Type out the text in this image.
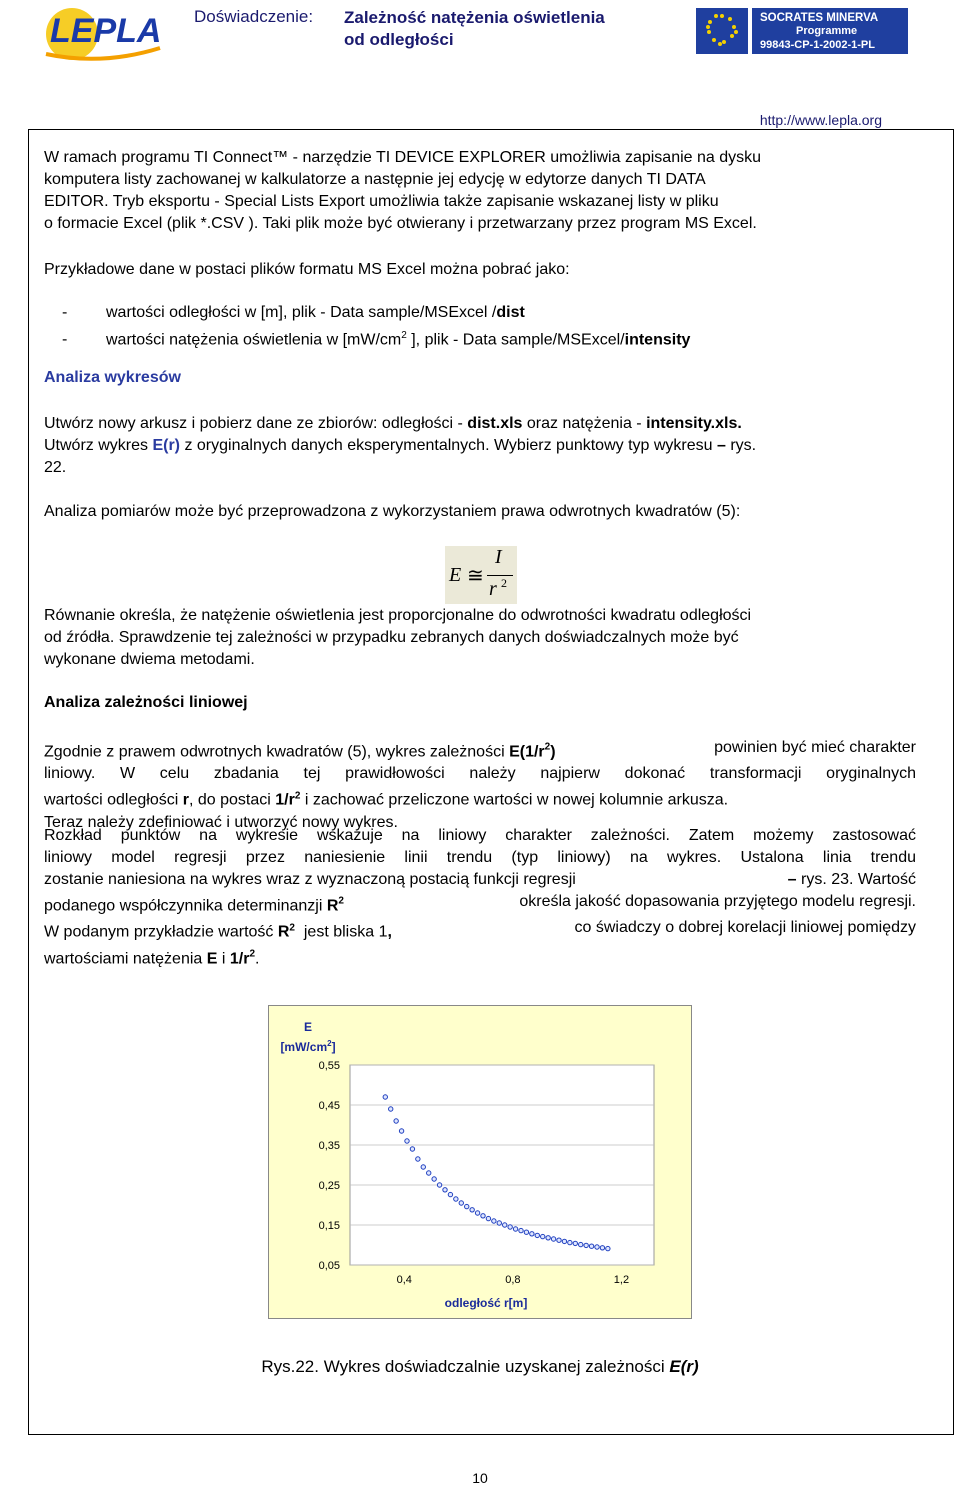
LEPLA Doświadczenie: Zależność natężenia oświetlenia
od odległości
SOCRATES MINERVA
Programme
99843-CP-1-2002-1-PL
http://www.lepla.org
W ramach programu TI Connect™ - narzędzie TI DEVICE EXPLORER umożliwia zapisanie na dysku
komputera listy zachowanej w kalkulatorze a następnie jej edycję w edytorze danych TI DATA
EDITOR. Tryb eksportu - Special Lists Export umożliwia także zapisanie wskazanej listy w pliku
o formacie Excel (plik *.CSV ). Taki plik może być otwierany i przetwarzany przez program MS Excel.
Przykładowe dane w postaci plików formatu MS Excel można pobrać jako:
- wartości odległości w [m], plik - Data sample/MSExcel /dist
- wartości natężenia oświetlenia w [$mW/cm^2$ ], plik - Data sample/MSExcel/intensity
Analiza wykresów
Utwórz nowy arkusz i pobierz dane ze zbiorów: odległości - dist.xls oraz natężenia - intensity.xls.
Utwórz wykres E(r) z oryginalnych danych eksperymentalnych. Wybierz punktowy typ wykresu – rys.
22.
Analiza pomiarów może być przeprowadzona z wykorzystaniem prawa odwrotnych kwadratów (5):
E ≅
I
r 2
Równanie określa, że natężenie oświetlenia jest proporcjonalne do odwrotności kwadratu odległości
od źródła. Sprawdzenie tej zależności w przypadku zebranych danych doświadczalnych może być
wykonane dwiema metodami.
Analiza zależności liniowej
Zgodnie z prawem odwrotnych kwadratów (5), wykres zależności $E(1/r^2)$	powinien być mieć charakter
liniowy. W celu zbadania tej prawidłowości należy najpierw dokonać transformacji oryginalnych
wartości odległości r, do postaci $1/r^2$ i zachować przeliczone wartości w nowej kolumnie arkusza.
Teraz należy zdefiniować i utworzyć nowy wykres.
Rozkład punktów na wykresie wskazuje na liniowy charakter zależności. Zatem możemy zastosować
liniowy model regresji przez naniesienie linii trendu (typ liniowy) na wykres. Ustalona linia trendu
zostanie naniesiona na wykres wraz z wyznaczoną postacią funkcji regresji	– rys. 23. Wartość
podanego współczynnika determinanzji $R^2$	określa jakość dopasowania przyjętego modelu regresji.
W podanym przykładzie wartość $R^2$  jest bliska 1,	co świadczy o dobrej korelacji liniowej pomiędzy
wartościami natężenia E i $1/r^2$.
E
$[mW/cm^2]$
0,55
0,45
0,35
0,25
0,15
0,05
0,4	0,8	1,2
odległość r[m]
Rys.22. Wykres doświadczalnie uzyskanej zależności E(r)
10
